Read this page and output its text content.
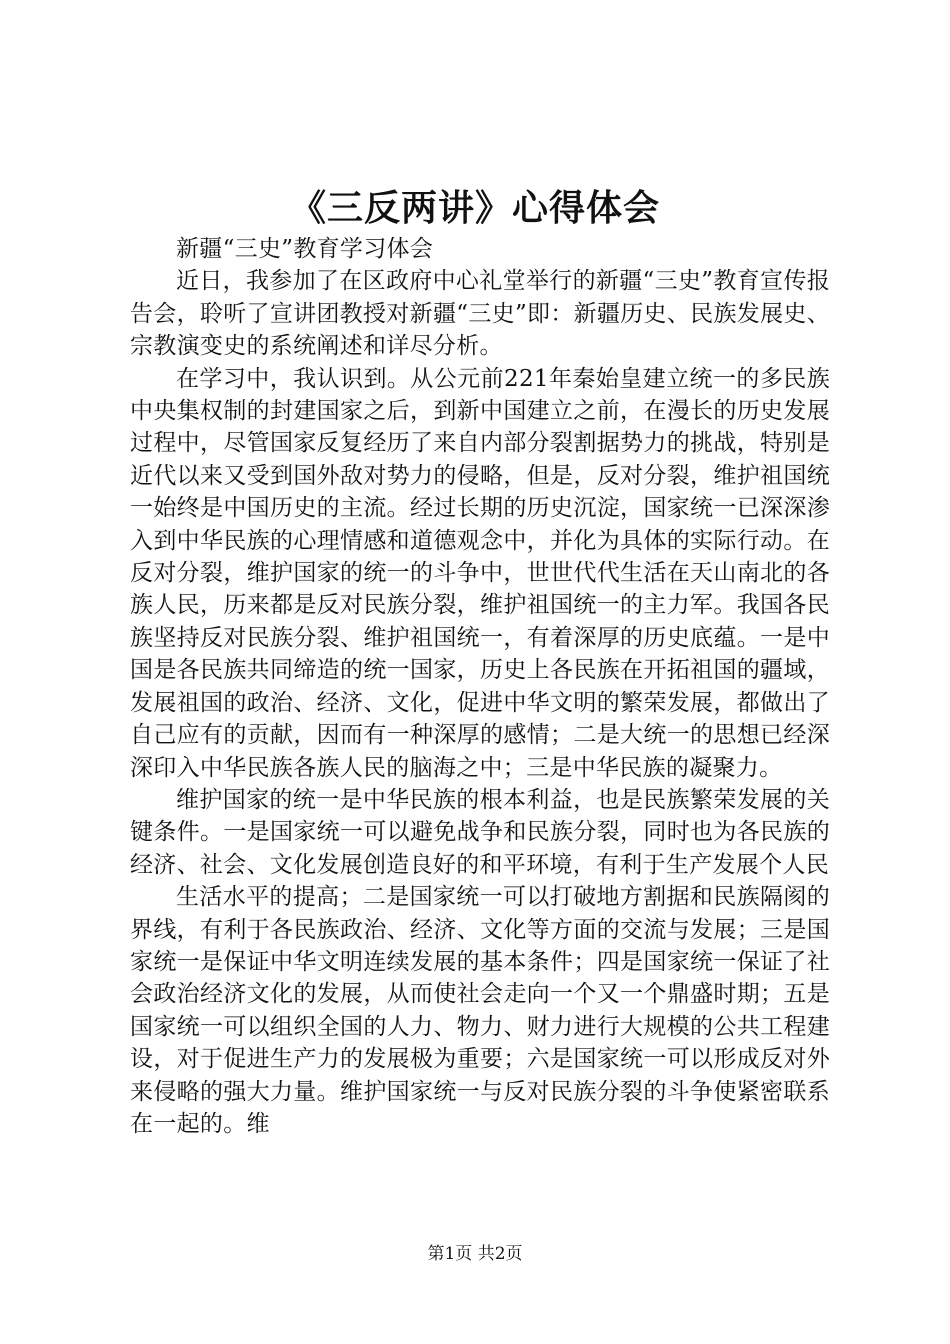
《三反两讲》心得体会

新疆“三史”教育学习体会

近日，我参加了在区政府中心礼堂举行的新疆“三史”教育宣传报告会，聆听了宣讲团教授对新疆“三史”即：新疆历史、民族发展史、宗教演变史的系统阐述和详尽分析。

在学习中，我认识到。从公元前221年秦始皇建立统一的多民族中央集权制的封建国家之后，到新中国建立之前，在漫长的历史发展过程中，尽管国家反复经历了来自内部分裂割据势力的挑战，特别是近代以来又受到国外敌对势力的侵略，但是，反对分裂，维护祖国统一始终是中国历史的主流。经过长期的历史沉淀，国家统一已深深渗入到中华民族的心理情感和道德观念中，并化为具体的实际行动。在反对分裂，维护国家的统一的斗争中，世世代代生活在天山南北的各族人民，历来都是反对民族分裂，维护祖国统一的主力军。我国各民族坚持反对民族分裂、维护祖国统一，有着深厚的历史底蕴。一是中国是各民族共同缔造的统一国家，历史上各民族在开拓祖国的疆域，发展祖国的政治、经济、文化，促进中华文明的繁荣发展，都做出了自己应有的贡献，因而有一种深厚的感情；二是大统一的思想已经深深印入中华民族各族人民的脑海之中；三是中华民族的凝聚力。

维护国家的统一是中华民族的根本利益，也是民族繁荣发展的关键条件。一是国家统一可以避免战争和民族分裂，同时也为各民族的经济、社会、文化发展创造良好的和平环境，有利于生产发展个人民

生活水平的提高；二是国家统一可以打破地方割据和民族隔阂的界线，有利于各民族政治、经济、文化等方面的交流与发展；三是国家统一是保证中华文明连续发展的基本条件；四是国家统一保证了社会政治经济文化的发展，从而使社会走向一个又一个鼎盛时期；五是国家统一可以组织全国的人力、物力、财力进行大规模的公共工程建设，对于促进生产力的发展极为重要；六是国家统一可以形成反对外来侵略的强大力量。维护国家统一与反对民族分裂的斗争使紧密联系在一起的。维

第1页 共2页
